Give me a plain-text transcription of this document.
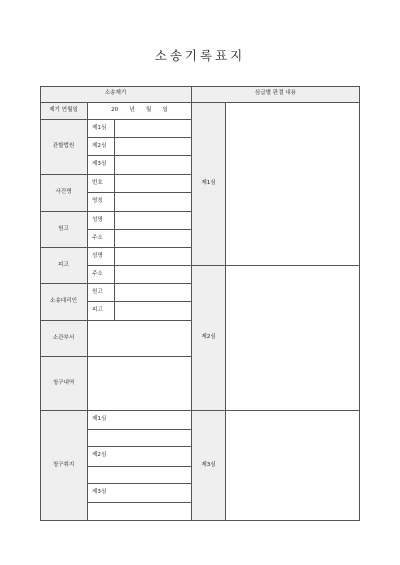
소송기록표지
소송제기	심급별 판결 내용
제기 연월일	20　　년　　월　　일
관할법원
제1심
제2심
제3심
사건명
번호
명칭
원고
성명
주소
피고
성명
주소
소송대리인
원고
피고
소관부서
청구내역
청구취지
제1심
제2심
제3심
제1심
제2심
제3심
